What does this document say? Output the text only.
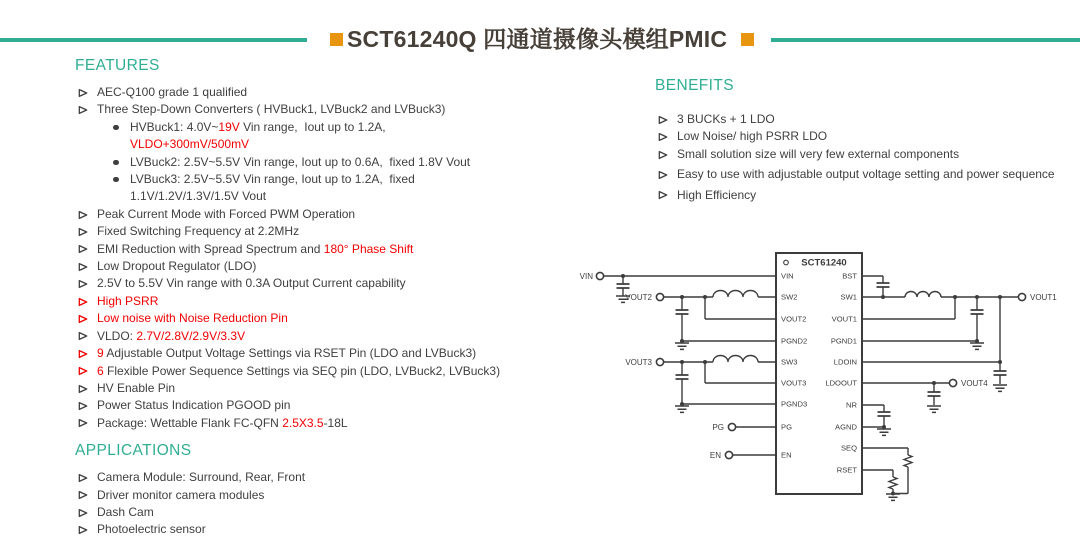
SCT61240Q 四通道摄像头模组PMIC
FEATURES
AEC-Q100 grade 1 qualified
Three Step-Down Converters ( HVBuck1, LVBuck2 and LVBuck3)
HVBuck1: 4.0V~19V Vin range,  Iout up to 1.2A, VLDO+300mV/500mV
LVBuck2: 2.5V~5.5V Vin range, Iout up to 0.6A,  fixed 1.8V Vout
LVBuck3: 2.5V~5.5V Vin range, Iout up to 1.2A,  fixed 1.1V/1.2V/1.3V/1.5V Vout
Peak Current Mode with Forced PWM Operation
Fixed Switching Frequency at 2.2MHz
EMI Reduction with Spread Spectrum and 180° Phase Shift
Low Dropout Regulator (LDO)
2.5V to 5.5V Vin range with 0.3A Output Current capability
High PSRR
Low noise with Noise Reduction Pin
VLDO: 2.7V/2.8V/2.9V/3.3V
9 Adjustable Output Voltage Settings via RSET Pin (LDO and LVBuck3)
6 Flexible Power Sequence Settings via SEQ pin (LDO, LVBuck2, LVBuck3)
HV Enable Pin
Power Status Indication PGOOD pin
Package: Wettable Flank FC-QFN 2.5X3.5-18L
APPLICATIONS
Camera Module: Surround, Rear, Front
Driver monitor camera modules
Dash Cam
Photoelectric sensor
BENEFITS
3 BUCKs + 1 LDO
Low Noise/ high PSRR LDO
Small solution size will very few external components
Easy to use with adjustable output voltage setting and power sequence
High Efficiency
SCT61240
VIN
VOUT2
VOUT3
PG
EN
VOUT1
VOUT4
VIN
SW2
VOUT2
PGND2
SW3
VOUT3
PGND3
PG
EN
BST
SW1
VOUT1
PGND1
LDOIN
LDOOUT
NR
AGND
SEQ
RSET
